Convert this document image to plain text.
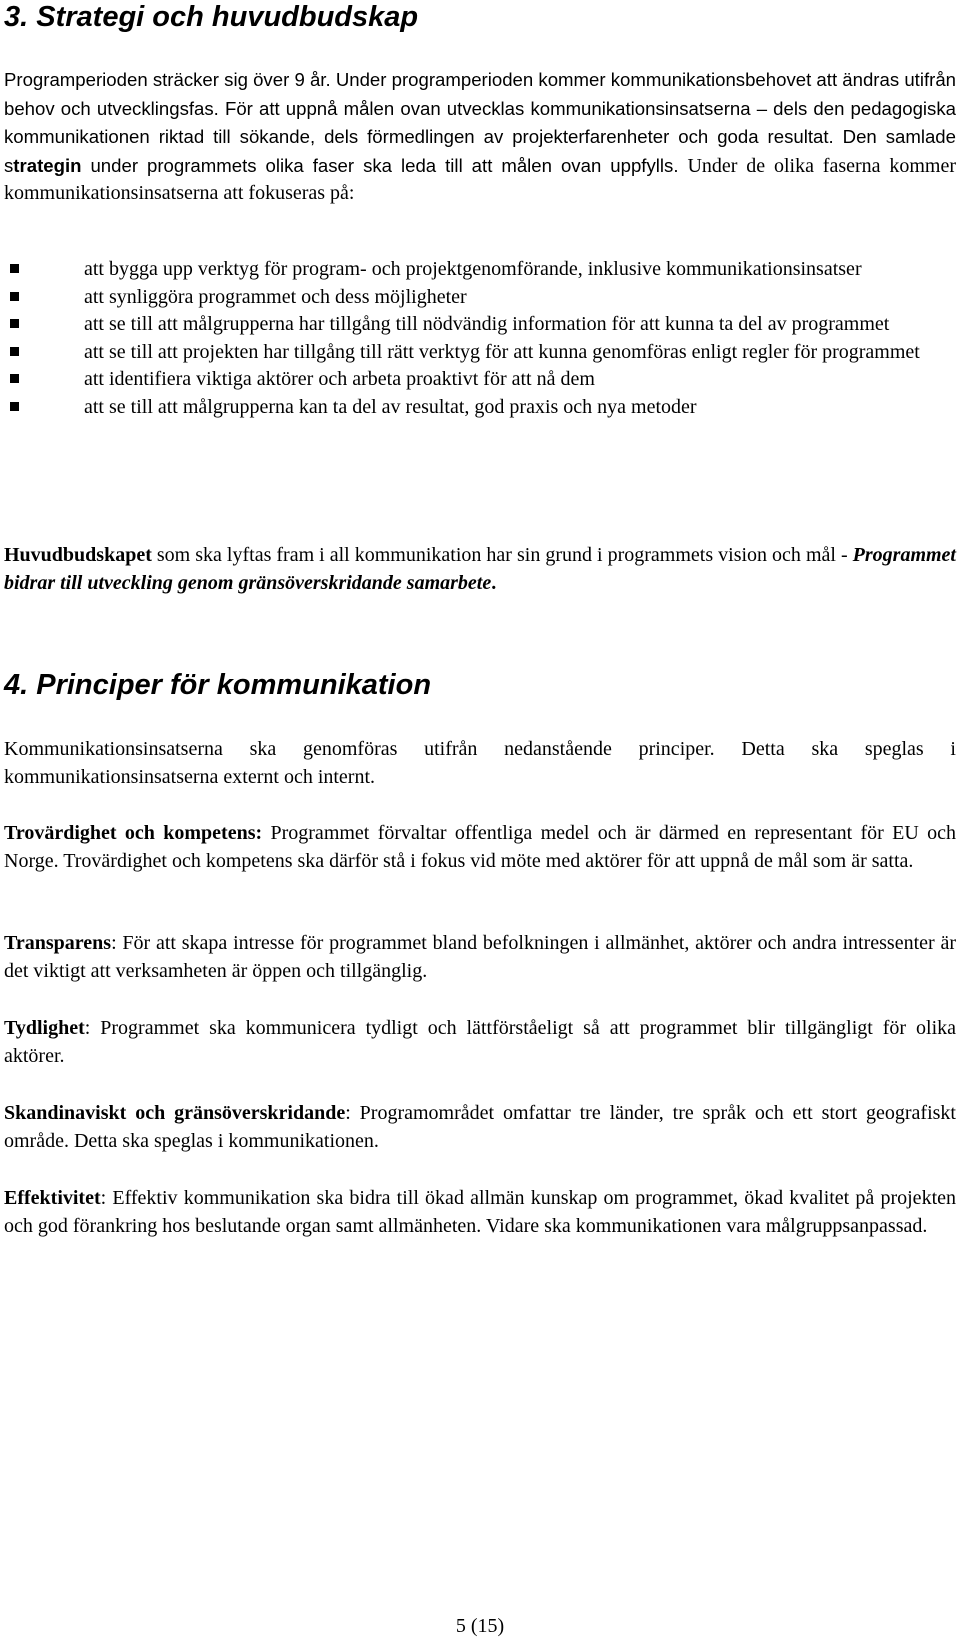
3. Strategi och huvudbudskap

Programperioden sträcker sig över 9 år. Under programperioden kommer kommunikationsbehovet att ändras utifrån behov och utvecklingsfas. För att uppnå målen ovan utvecklas kommunikationsinsatserna – dels den pedagogiska kommunikationen riktad till sökande, dels förmedlingen av projekterfarenheter och goda resultat. Den samlade strategin under programmets olika faser ska leda till att målen ovan uppfylls. Under de olika faserna kommer kommunikationsinsatserna att fokuseras på:

att bygga upp verktyg för program- och projektgenomförande, inklusive kommunikationsinsatser
att synliggöra programmet och dess möjligheter
att se till att målgrupperna har tillgång till nödvändig information för att kunna ta del av programmet
att se till att projekten har tillgång till rätt verktyg för att kunna genomföras enligt regler för programmet
att identifiera viktiga aktörer och arbeta proaktivt för att nå dem
att se till att målgrupperna kan ta del av resultat, god praxis och nya metoder

Huvudbudskapet som ska lyftas fram i all kommunikation har sin grund i programmets vision och mål - Programmet bidrar till utveckling genom gränsöverskridande samarbete.

4. Principer för kommunikation

Kommunikationsinsatserna ska genomföras utifrån nedanstående principer. Detta ska speglas i kommunikationsinsatserna externt och internt.

Trovärdighet och kompetens: Programmet förvaltar offentliga medel och är därmed en representant för EU och Norge. Trovärdighet och kompetens ska därför stå i fokus vid möte med aktörer för att uppnå de mål som är satta.

Transparens: För att skapa intresse för programmet bland befolkningen i allmänhet, aktörer och andra intressenter är det viktigt att verksamheten är öppen och tillgänglig.

Tydlighet: Programmet ska kommunicera tydligt och lättförståeligt så att programmet blir tillgängligt för olika aktörer.

Skandinaviskt och gränsöverskridande: Programområdet omfattar tre länder, tre språk och ett stort geografiskt område. Detta ska speglas i kommunikationen.

Effektivitet: Effektiv kommunikation ska bidra till ökad allmän kunskap om programmet, ökad kvalitet på projekten och god förankring hos beslutande organ samt allmänheten. Vidare ska kommunikationen vara målgruppsanpassad.

5 (15)
